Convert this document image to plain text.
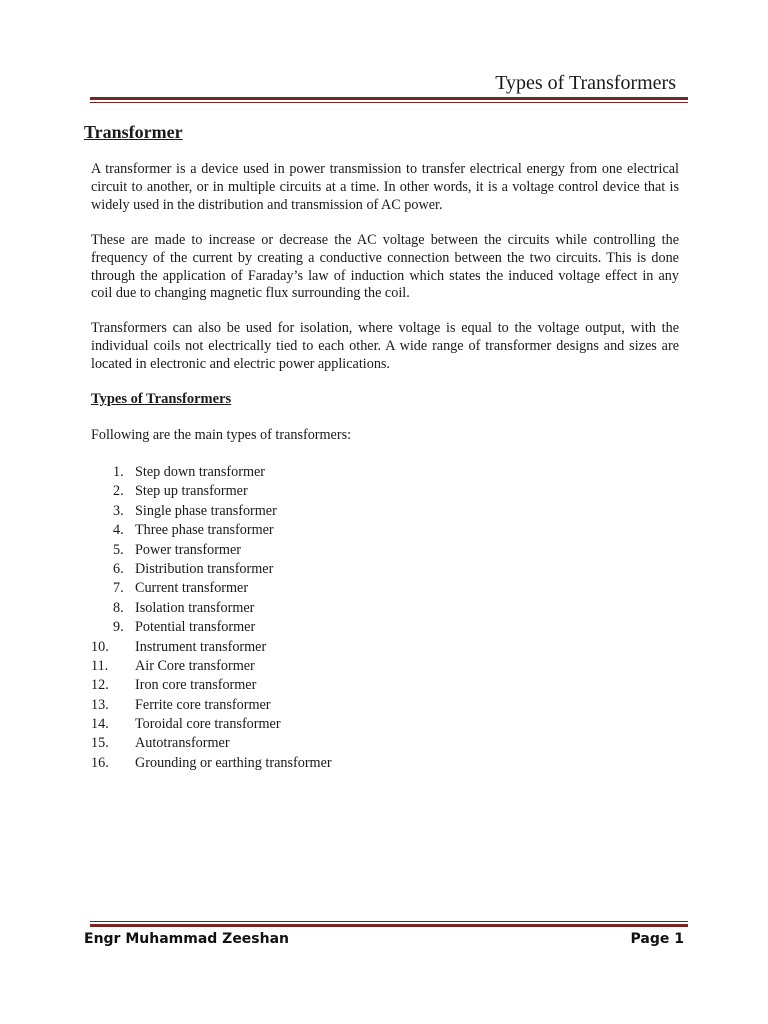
Types of Transformers
Transformer
A transformer is a device used in power transmission to transfer electrical energy from one electrical circuit to another, or in multiple circuits at a time. In other words, it is a voltage control device that is widely used in the distribution and transmission of AC power.
These are made to increase or decrease the AC voltage between the circuits while controlling the frequency of the current by creating a conductive connection between the two circuits. This is done through the application of Faraday’s law of induction which states the induced voltage effect in any coil due to changing magnetic flux surrounding the coil.
Transformers can also be used for isolation, where voltage is equal to the voltage output, with the individual coils not electrically tied to each other. A wide range of transformer designs and sizes are located in electronic and electric power applications.
Types of Transformers
Following are the main types of transformers:
1. Step down transformer
2. Step up transformer
3. Single phase transformer
4. Three phase transformer
5. Power transformer
6. Distribution transformer
7. Current transformer
8. Isolation transformer
9. Potential transformer
10. Instrument transformer
11. Air Core transformer
12. Iron core transformer
13. Ferrite core transformer
14. Toroidal core transformer
15. Autotransformer
16. Grounding or earthing transformer
Engr Muhammad Zeeshan	Page 1
